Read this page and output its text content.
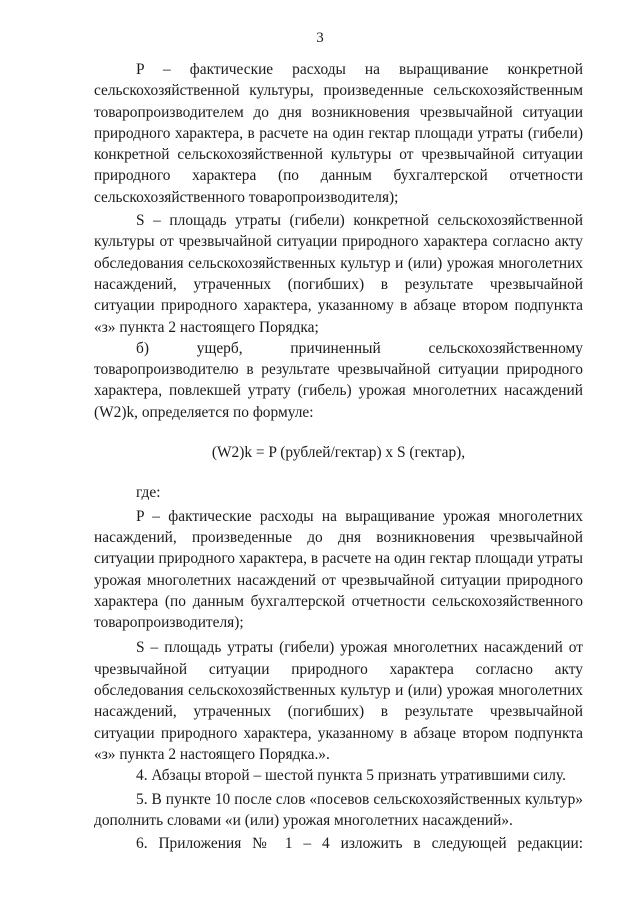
3

P – фактические расходы на выращивание конкретной сельскохозяйственной культуры, произведенные сельскохозяйственным товаропроизводителем до дня возникновения чрезвычайной ситуации природного характера, в расчете на один гектар площади утраты (гибели) конкретной сельскохозяйственной культуры от чрезвычайной ситуации природного характера (по данным бухгалтерской отчетности сельскохозяйственного товаропроизводителя);

S – площадь утраты (гибели) конкретной сельскохозяйственной культуры от чрезвычайной ситуации природного характера согласно акту обследования сельскохозяйственных культур и (или) урожая многолетних насаждений, утраченных (погибших) в результате чрезвычайной ситуации природного характера, указанному в абзаце втором подпункта «з» пункта 2 настоящего Порядка;

б) ущерб, причиненный сельскохозяйственному товаропроизводителю в результате чрезвычайной ситуации природного характера, повлекшей утрату (гибель) урожая многолетних насаждений (W2)k, определяется по формуле:

(W2)k = P (рублей/гектар) x S (гектар),

где:

P – фактические расходы на выращивание урожая многолетних насаждений, произведенные до дня возникновения чрезвычайной ситуации природного характера, в расчете на один гектар площади утраты урожая многолетних насаждений от чрезвычайной ситуации природного характера (по данным бухгалтерской отчетности сельскохозяйственного товаропроизводителя);

S – площадь утраты (гибели) урожая многолетних насаждений от чрезвычайной ситуации природного характера согласно акту обследования сельскохозяйственных культур и (или) урожая многолетних насаждений, утраченных (погибших) в результате чрезвычайной ситуации природного характера, указанному в абзаце втором подпункта «з» пункта 2 настоящего Порядка.».

4. Абзацы второй – шестой пункта 5 признать утратившими силу.

5. В пункте 10 после слов «посевов сельскохозяйственных культур» дополнить словами «и (или) урожая многолетних насаждений».

6. Приложения № 1 – 4 изложить в следующей редакции:
